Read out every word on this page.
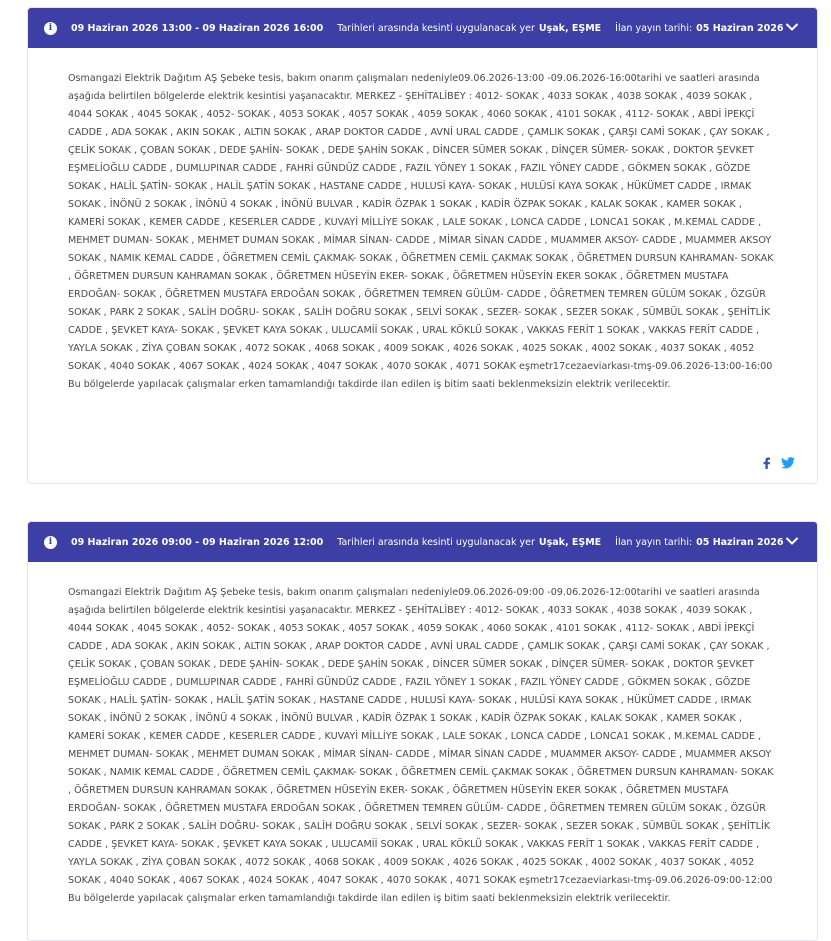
i	09 Haziran 2026 13:00 - 09 Haziran 2026 16:00 Tarihleri arasında kesinti uygulanacak yer Uşak, EŞME İlan yayın tarihi: 05 Haziran 2026
Osmangazi Elektrik Dağıtım AŞ Şebeke tesis, bakım onarım çalışmaları nedeniyle09.06.2026-13:00 -09.06.2026-16:00tarihi ve saatleri arasında aşağıda belirtilen bölgelerde elektrik kesintisi yaşanacaktır. MERKEZ - ŞEHİTALİBEY : 4012- SOKAK , 4033 SOKAK , 4038 SOKAK , 4039 SOKAK , 4044 SOKAK , 4045 SOKAK , 4052- SOKAK , 4053 SOKAK , 4057 SOKAK , 4059 SOKAK , 4060 SOKAK , 4101 SOKAK , 4112- SOKAK , ABDİ İPEKÇİ CADDE , ADA SOKAK , AKIN SOKAK , ALTIN SOKAK , ARAP DOKTOR CADDE , AVNİ URAL CADDE , ÇAMLIK SOKAK , ÇARŞI CAMİ SOKAK , ÇAY SOKAK , ÇELİK SOKAK , ÇOBAN SOKAK , DEDE ŞAHİN- SOKAK , DEDE ŞAHİN SOKAK , DİNCER SÜMER SOKAK , DİNÇER SÜMER- SOKAK , DOKTOR ŞEVKET EŞMELİOĞLU CADDE , DUMLUPINAR CADDE , FAHRİ GÜNDÜZ CADDE , FAZIL YÖNEY 1 SOKAK , FAZIL YÖNEY CADDE , GÖKMEN SOKAK , GÖZDE SOKAK , HALİL ŞATİN- SOKAK , HALİL ŞATİN SOKAK , HASTANE CADDE , HULUSİ KAYA- SOKAK , HULÜSİ KAYA SOKAK , HÜKÜMET CADDE , IRMAK SOKAK , İNÖNÜ 2 SOKAK , İNÖNÜ 4 SOKAK , İNÖNÜ BULVAR , KADİR ÖZPAK 1 SOKAK , KADİR ÖZPAK SOKAK , KALAK SOKAK , KAMER SOKAK , KAMERİ SOKAK , KEMER CADDE , KESERLER CADDE , KUVAYİ MİLLİYE SOKAK , LALE SOKAK , LONCA CADDE , LONCA1 SOKAK , M.KEMAL CADDE , MEHMET DUMAN- SOKAK , MEHMET DUMAN SOKAK , MİMAR SİNAN- CADDE , MİMAR SİNAN CADDE , MUAMMER AKSOY- CADDE , MUAMMER AKSOY SOKAK , NAMIK KEMAL CADDE , ÖĞRETMEN CEMİL ÇAKMAK- SOKAK , ÖĞRETMEN CEMİL ÇAKMAK SOKAK , ÖĞRETMEN DURSUN KAHRAMAN- SOKAK , ÖĞRETMEN DURSUN KAHRAMAN SOKAK , ÖĞRETMEN HÜSEYİN EKER- SOKAK , ÖĞRETMEN HÜSEYİN EKER SOKAK , ÖĞRETMEN MUSTAFA ERDOĞAN- SOKAK , ÖĞRETMEN MUSTAFA ERDOĞAN SOKAK , ÖĞRETMEN TEMREN GÜLÜM- CADDE , ÖĞRETMEN TEMREN GÜLÜM SOKAK , ÖZGÜR SOKAK , PARK 2 SOKAK , SALİH DOĞRU- SOKAK , SALİH DOĞRU SOKAK , SELVİ SOKAK , SEZER- SOKAK , SEZER SOKAK , SÜMBÜL SOKAK , ŞEHİTLİK CADDE , ŞEVKET KAYA- SOKAK , ŞEVKET KAYA SOKAK , ULUCAMİİ SOKAK , URAL KÖKLÜ SOKAK , VAKKAS FERİT 1 SOKAK , VAKKAS FERİT CADDE , YAYLA SOKAK , ZİYA ÇOBAN SOKAK , 4072 SOKAK , 4068 SOKAK , 4009 SOKAK , 4026 SOKAK , 4025 SOKAK , 4002 SOKAK , 4037 SOKAK , 4052 SOKAK , 4040 SOKAK , 4067 SOKAK , 4024 SOKAK , 4047 SOKAK , 4070 SOKAK , 4071 SOKAK eşmetr17cezaeviarkası-tmş-09.06.2026-13:00-16:00 Bu bölgelerde yapılacak çalışmalar erken tamamlandığı takdirde ilan edilen iş bitim saati beklenmeksizin elektrik verilecektir.
i	09 Haziran 2026 09:00 - 09 Haziran 2026 12:00 Tarihleri arasında kesinti uygulanacak yer Uşak, EŞME İlan yayın tarihi: 05 Haziran 2026
Osmangazi Elektrik Dağıtım AŞ Şebeke tesis, bakım onarım çalışmaları nedeniyle09.06.2026-09:00 -09.06.2026-12:00tarihi ve saatleri arasında aşağıda belirtilen bölgelerde elektrik kesintisi yaşanacaktır. MERKEZ - ŞEHİTALİBEY : 4012- SOKAK , 4033 SOKAK , 4038 SOKAK , 4039 SOKAK , 4044 SOKAK , 4045 SOKAK , 4052- SOKAK , 4053 SOKAK , 4057 SOKAK , 4059 SOKAK , 4060 SOKAK , 4101 SOKAK , 4112- SOKAK , ABDİ İPEKÇİ CADDE , ADA SOKAK , AKIN SOKAK , ALTIN SOKAK , ARAP DOKTOR CADDE , AVNİ URAL CADDE , ÇAMLIK SOKAK , ÇARŞI CAMİ SOKAK , ÇAY SOKAK , ÇELİK SOKAK , ÇOBAN SOKAK , DEDE ŞAHİN- SOKAK , DEDE ŞAHİN SOKAK , DİNCER SÜMER SOKAK , DİNÇER SÜMER- SOKAK , DOKTOR ŞEVKET EŞMELİOĞLU CADDE , DUMLUPINAR CADDE , FAHRİ GÜNDÜZ CADDE , FAZIL YÖNEY 1 SOKAK , FAZIL YÖNEY CADDE , GÖKMEN SOKAK , GÖZDE SOKAK , HALİL ŞATİN- SOKAK , HALİL ŞATİN SOKAK , HASTANE CADDE , HULUSİ KAYA- SOKAK , HULÜSİ KAYA SOKAK , HÜKÜMET CADDE , IRMAK SOKAK , İNÖNÜ 2 SOKAK , İNÖNÜ 4 SOKAK , İNÖNÜ BULVAR , KADİR ÖZPAK 1 SOKAK , KADİR ÖZPAK SOKAK , KALAK SOKAK , KAMER SOKAK , KAMERİ SOKAK , KEMER CADDE , KESERLER CADDE , KUVAYİ MİLLİYE SOKAK , LALE SOKAK , LONCA CADDE , LONCA1 SOKAK , M.KEMAL CADDE , MEHMET DUMAN- SOKAK , MEHMET DUMAN SOKAK , MİMAR SİNAN- CADDE , MİMAR SİNAN CADDE , MUAMMER AKSOY- CADDE , MUAMMER AKSOY SOKAK , NAMIK KEMAL CADDE , ÖĞRETMEN CEMİL ÇAKMAK- SOKAK , ÖĞRETMEN CEMİL ÇAKMAK SOKAK , ÖĞRETMEN DURSUN KAHRAMAN- SOKAK , ÖĞRETMEN DURSUN KAHRAMAN SOKAK , ÖĞRETMEN HÜSEYİN EKER- SOKAK , ÖĞRETMEN HÜSEYİN EKER SOKAK , ÖĞRETMEN MUSTAFA ERDOĞAN- SOKAK , ÖĞRETMEN MUSTAFA ERDOĞAN SOKAK , ÖĞRETMEN TEMREN GÜLÜM- CADDE , ÖĞRETMEN TEMREN GÜLÜM SOKAK , ÖZGÜR SOKAK , PARK 2 SOKAK , SALİH DOĞRU- SOKAK , SALİH DOĞRU SOKAK , SELVİ SOKAK , SEZER- SOKAK , SEZER SOKAK , SÜMBÜL SOKAK , ŞEHİTLİK CADDE , ŞEVKET KAYA- SOKAK , ŞEVKET KAYA SOKAK , ULUCAMİİ SOKAK , URAL KÖKLÜ SOKAK , VAKKAS FERİT 1 SOKAK , VAKKAS FERİT CADDE , YAYLA SOKAK , ZİYA ÇOBAN SOKAK , 4072 SOKAK , 4068 SOKAK , 4009 SOKAK , 4026 SOKAK , 4025 SOKAK , 4002 SOKAK , 4037 SOKAK , 4052 SOKAK , 4040 SOKAK , 4067 SOKAK , 4024 SOKAK , 4047 SOKAK , 4070 SOKAK , 4071 SOKAK eşmetr17cezaeviarkası-tmş-09.06.2026-09:00-12:00 Bu bölgelerde yapılacak çalışmalar erken tamamlandığı takdirde ilan edilen iş bitim saati beklenmeksizin elektrik verilecektir.
